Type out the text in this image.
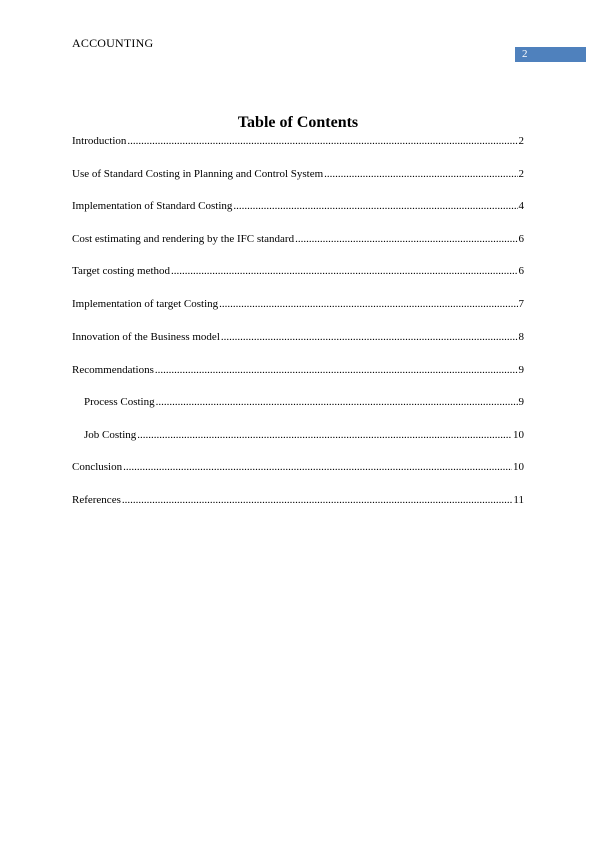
ACCOUNTING
2
Table of Contents
Introduction .....	2
Use of Standard Costing in Planning and Control System .....	2
Implementation of Standard Costing .....	4
Cost estimating and rendering by the IFC standard .....	6
Target costing method .....	6
Implementation of target Costing .....	7
Innovation of the Business model .....	8
Recommendations .....	9
Process Costing .....	9
Job Costing .....	10
Conclusion .....	10
References .....	11
